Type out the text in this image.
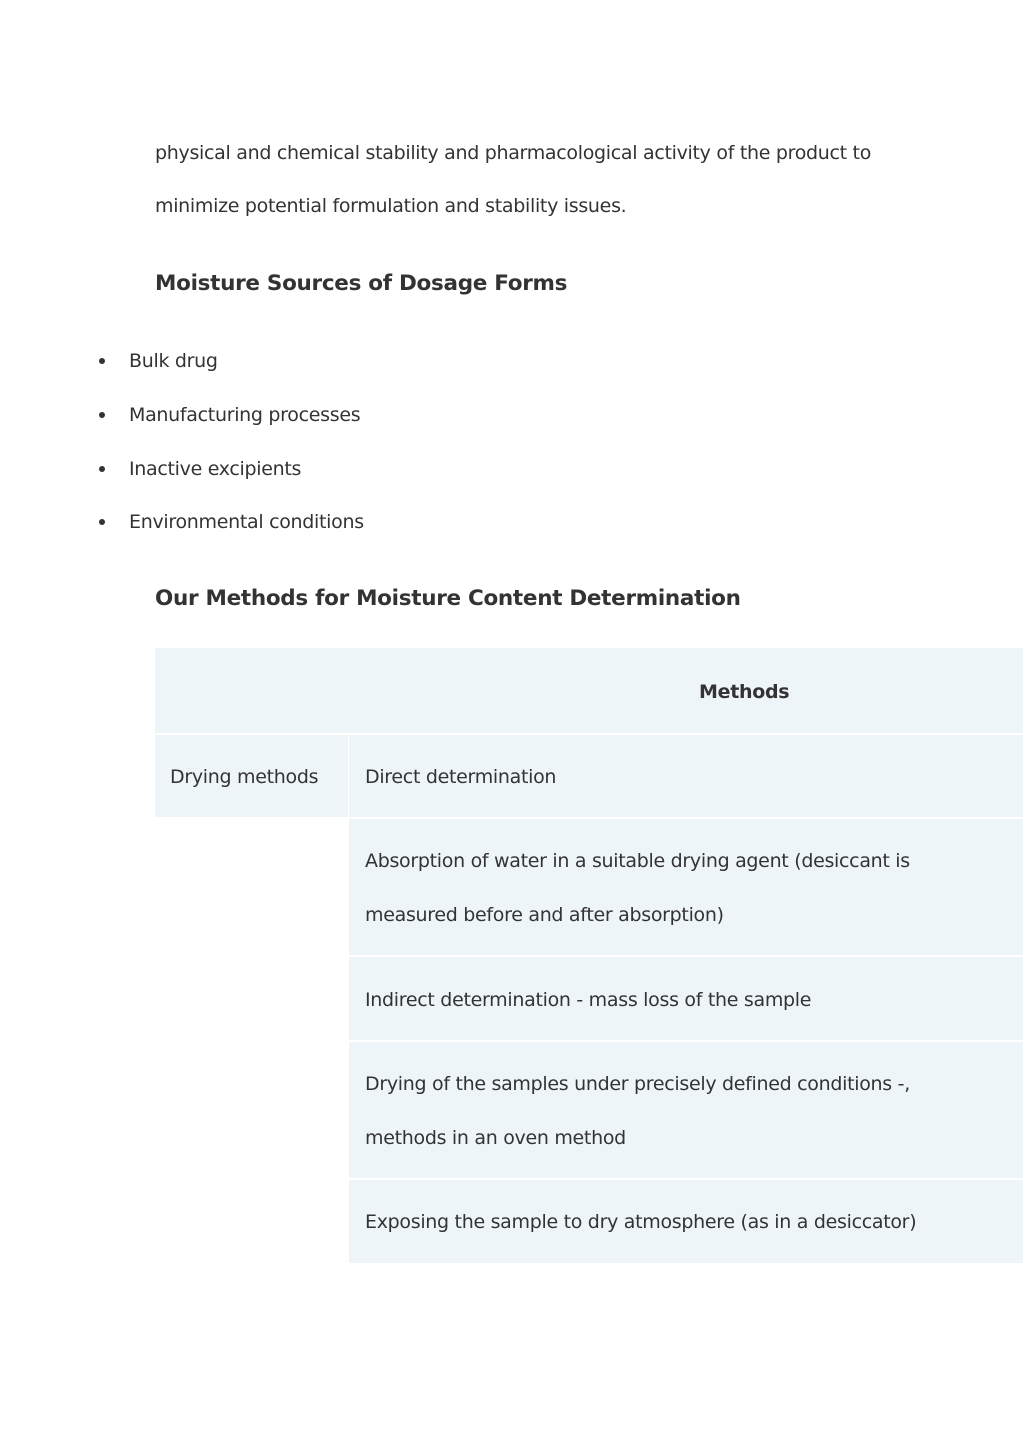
physical and chemical stability and pharmacological activity of the product to
minimize potential formulation and stability issues.
Moisture Sources of Dosage Forms
Bulk drug
Manufacturing processes
Inactive excipients
Environmental conditions
Our Methods for Moisture Content Determination
Methods
Drying methods Direct determination
Absorption of water in a suitable drying agent (desiccant is
measured before and after absorption)
Indirect determination - mass loss of the sample
Drying of the samples under precisely defined conditions -,
methods in an oven method
Exposing the sample to dry atmosphere (as in a desiccator)
